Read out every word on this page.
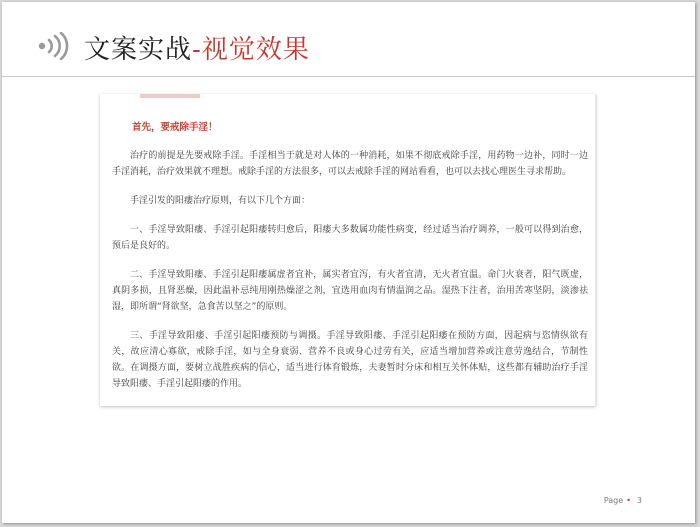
文案实战-视觉效果

首先，要戒除手淫！

治疗的前提是先要戒除手淫。手淫相当于就是对人体的一种消耗，如果不彻底戒除手淫，用药物一边补，同时一边手淫消耗，治疗效果就不理想。戒除手淫的方法很多，可以去戒除手淫的网站看看，也可以去找心理医生寻求帮助。

手淫引发的阳痿治疗原则，有以下几个方面：

一、手淫导致阳痿、手淫引起阳痿转归愈后，阳痿大多数属功能性病变，经过适当治疗调养，一般可以得到治愈，预后是良好的。

二、手淫导致阳痿、手淫引起阳痿属虚者宜补，属实者宜泻，有火者宜清，无火者宜温。命门火衰者，阳气既虚，真阴多损，且肾恶燥，因此温补忌纯用刚热燥涩之剂，宜选用血肉有情温润之品。湿热下注者，治用苦寒坚阴，淡渗祛湿，即所谓“肾欲坚，急食苦以坚之”的原则。

三、手淫导致阳痿、手淫引起阳痿预防与调摄。手淫导致阳痿、手淫引起阳痿在预防方面，因起病与恣情纵欲有关，故应清心寡欲，戒除手淫，如与全身衰弱、营养不良或身心过劳有关，应适当增加营养或注意劳逸结合，节制性欲。在调摄方面，要树立战胜疾病的信心，适当进行体育锻炼，夫妻暂时分床和相互关怀体贴，这些都有辅助治疗手淫导致阳痿、手淫引起阳痿的作用。

Page • 3
